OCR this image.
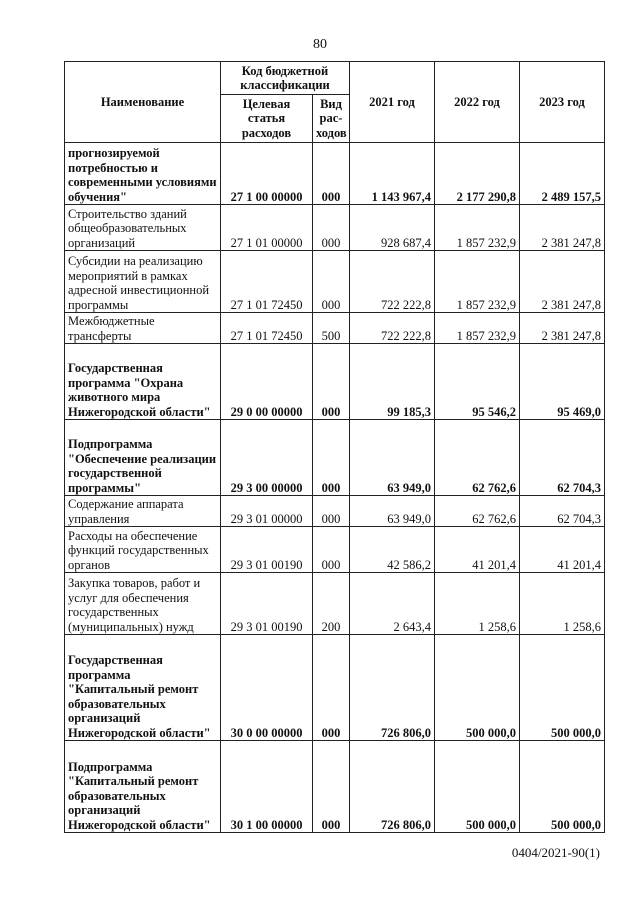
80
Наименование	Код бюджетной классификации		2021 год	2022 год	2023 год
	Целевая статья расходов	Вид рас-ходов			
прогнозируемой потребностью и современными условиями обучения"	27 1 00 00000	000	1 143 967,4	2 177 290,8	2 489 157,5
Строительство зданий общеобразовательных организаций	27 1 01 00000	000	928 687,4	1 857 232,9	2 381 247,8
Субсидии на реализацию мероприятий в рамках адресной инвестиционной программы	27 1 01 72450	000	722 222,8	1 857 232,9	2 381 247,8
Межбюджетные трансферты	27 1 01 72450	500	722 222,8	1 857 232,9	2 381 247,8
Государственная программа "Охрана животного мира Нижегородской области"	29 0 00 00000	000	99 185,3	95 546,2	95 469,0
Подпрограмма "Обеспечение реализации государственной программы"	29 3 00 00000	000	63 949,0	62 762,6	62 704,3
Содержание аппарата управления	29 3 01 00000	000	63 949,0	62 762,6	62 704,3
Расходы на обеспечение функций государственных органов	29 3 01 00190	000	42 586,2	41 201,4	41 201,4
Закупка товаров, работ и услуг для обеспечения государственных (муниципальных) нужд	29 3 01 00190	200	2 643,4	1 258,6	1 258,6
Государственная программа "Капитальный ремонт образовательных организаций Нижегородской области"	30 0 00 00000	000	726 806,0	500 000,0	500 000,0
Подпрограмма "Капитальный ремонт образовательных организаций Нижегородской области"	30 1 00 00000	000	726 806,0	500 000,0	500 000,0
0404/2021-90(1)
